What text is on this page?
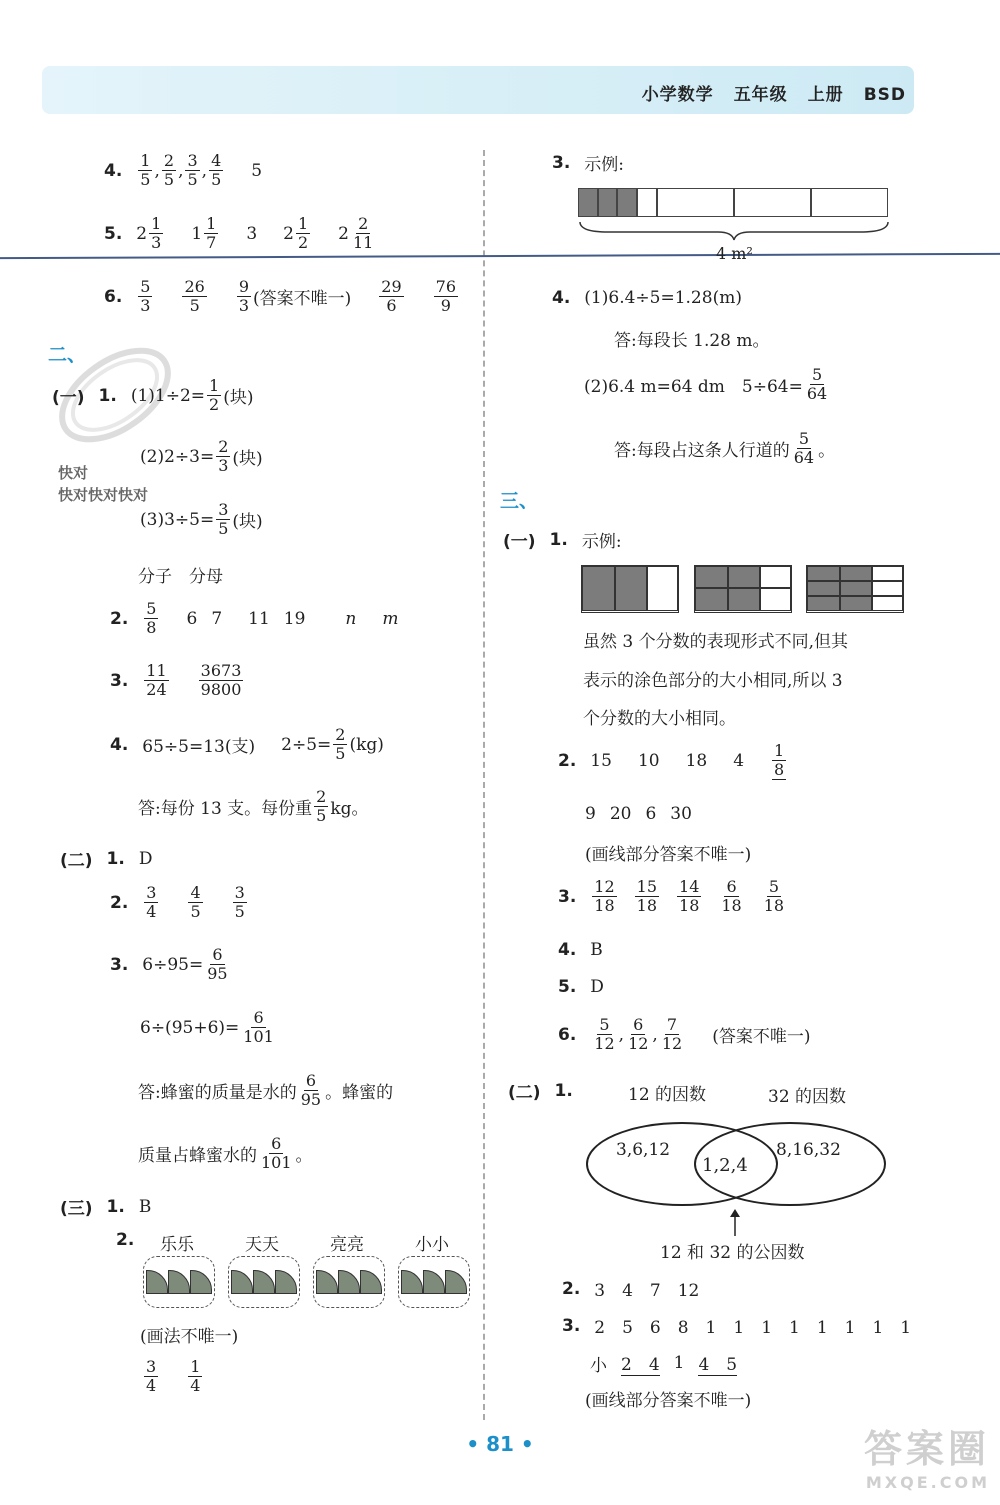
小学数学 五年级 上册 BSD
4. $\frac{1}{5}$ , $\frac{2}{5}$ , $\frac{3}{5}$ , $\frac{4}{5} 5$
5. $2 \frac{1}{3} 1 \frac{1}{7} 3$ $2 \frac{1}{2} 2 \frac{2}{11}$
6. $\frac{5}{3} \frac{26}{5} \frac{9}{3}$ (答案不唯一) $\frac{29}{6} \frac{76}{9}$
二、
快对
快对快对快对
(一) 1. $(1)1\div 2= \frac{1}{2}$ (块)
$(2)2\div 3= \frac{2}{3}$ (块)
$(3)3\div 5= \frac{3}{5}$ (块)
分子　分母
2. $\frac{5}{8} 6$ 7 11 19 n m
3. $\frac{11}{24} \frac{3673}{9800}$
4. 65÷5=13(支) $2\div 5= \frac{2}{5} (kg)$
答:每份 13 支。每份重 $\frac{2}{5}$ kg。
(二) 1. D
2. $\frac{3}{4} \frac{4}{5} \frac{3}{5}$
3. $6\div 95= \frac{6}{95}$
$6\div(95+6)= \frac{6}{101}$
答:蜂蜜的质量是水的 $\frac{6}{95}$ 。蜂蜜的
质量占蜂蜜水的 $\frac{6}{101}$ 。
(三) 1. B
2. 乐乐	天天	亮亮	小小
(画法不唯一)
$\frac{3}{4} \frac{1}{4}$
3. 示例:
4 m²
4. (1)6.4÷5=1.28(m)
答:每段长 1.28 m。
(2)6.4 m=64 dm　$5\div 64= \frac{5}{64}$
答:每段占这条人行道的 $\frac{5}{64}$ 。
三、
(一) 1. 示例:
虽然 3 个分数的表现形式不同,但其
表示的涂色部分的大小相同,所以 3
个分数的大小相同。
2. 15 10 18 $4 \frac{1}{8}$
9 20 6 30
(画线部分答案不唯一)
3. $\frac{12}{18} \frac{15}{18} \frac{14}{18} \frac{6}{18} \frac{5}{18}$
4. B
5. D
6. $\frac{5}{12}$ , $\frac{6}{12}$ , $\frac{7}{12}$ (答案不唯一)
(二) 1.	12 的因数	32 的因数
3,6,12
1,2,4
8,16,32
12 和 32 的公因数
2. 3　4　7　12
3. 2　5　6　8　1　1　1　1　1　1　1　1
小 2　4 1 4　5
(画线部分答案不唯一)
• 81 •	答案圈
MXQE.COM
